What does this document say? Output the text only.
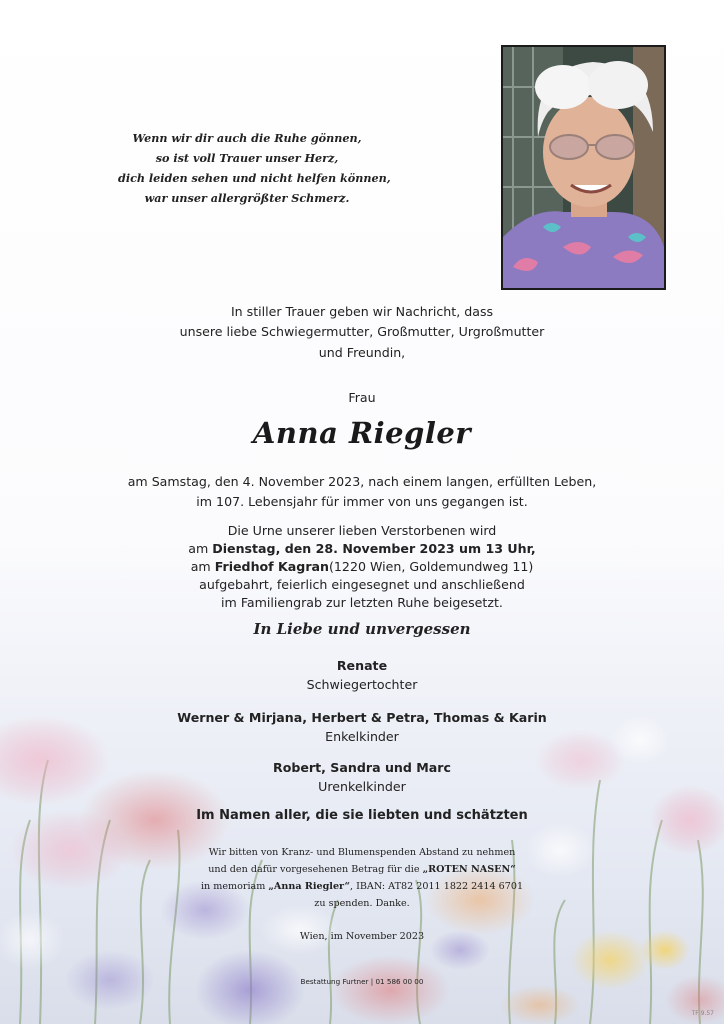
Wenn wir dir auch die Ruhe gönnen,
so ist voll Trauer unser Herz,
dich leiden sehen und nicht helfen können,
war unser allergrößter Schmerz.
In stiller Trauer geben wir Nachricht, dass
unsere liebe Schwiegermutter, Großmutter, Urgroßmutter
und Freundin,
Frau
Anna Riegler
am Samstag, den 4. November 2023, nach einem langen, erfüllten Leben,
im 107. Lebensjahr für immer von uns gegangen ist.
Die Urne unserer lieben Verstorbenen wird
am Dienstag, den 28. November 2023 um 13 Uhr,
am Friedhof Kagran(1220 Wien, Goldemundweg 11)
aufgebahrt, feierlich eingesegnet und anschließend
im Familiengrab zur letzten Ruhe beigesetzt.
In Liebe und unvergessen
Renate
Schwiegertochter
Werner & Mirjana, Herbert & Petra, Thomas & Karin
Enkelkinder
Robert, Sandra und Marc
Urenkelkinder
Im Namen aller, die sie liebten und schätzten
Wir bitten von Kranz- und Blumenspenden Abstand zu nehmen
und den dafür vorgesehenen Betrag für die „ROTEN NASEN“
in memoriam „Anna Riegler“, IBAN: AT82 2011 1822 2414 6701
zu spenden. Danke.
Wien, im November 2023
Bestattung Furtner | 01 586 00 00
TF 9.57
